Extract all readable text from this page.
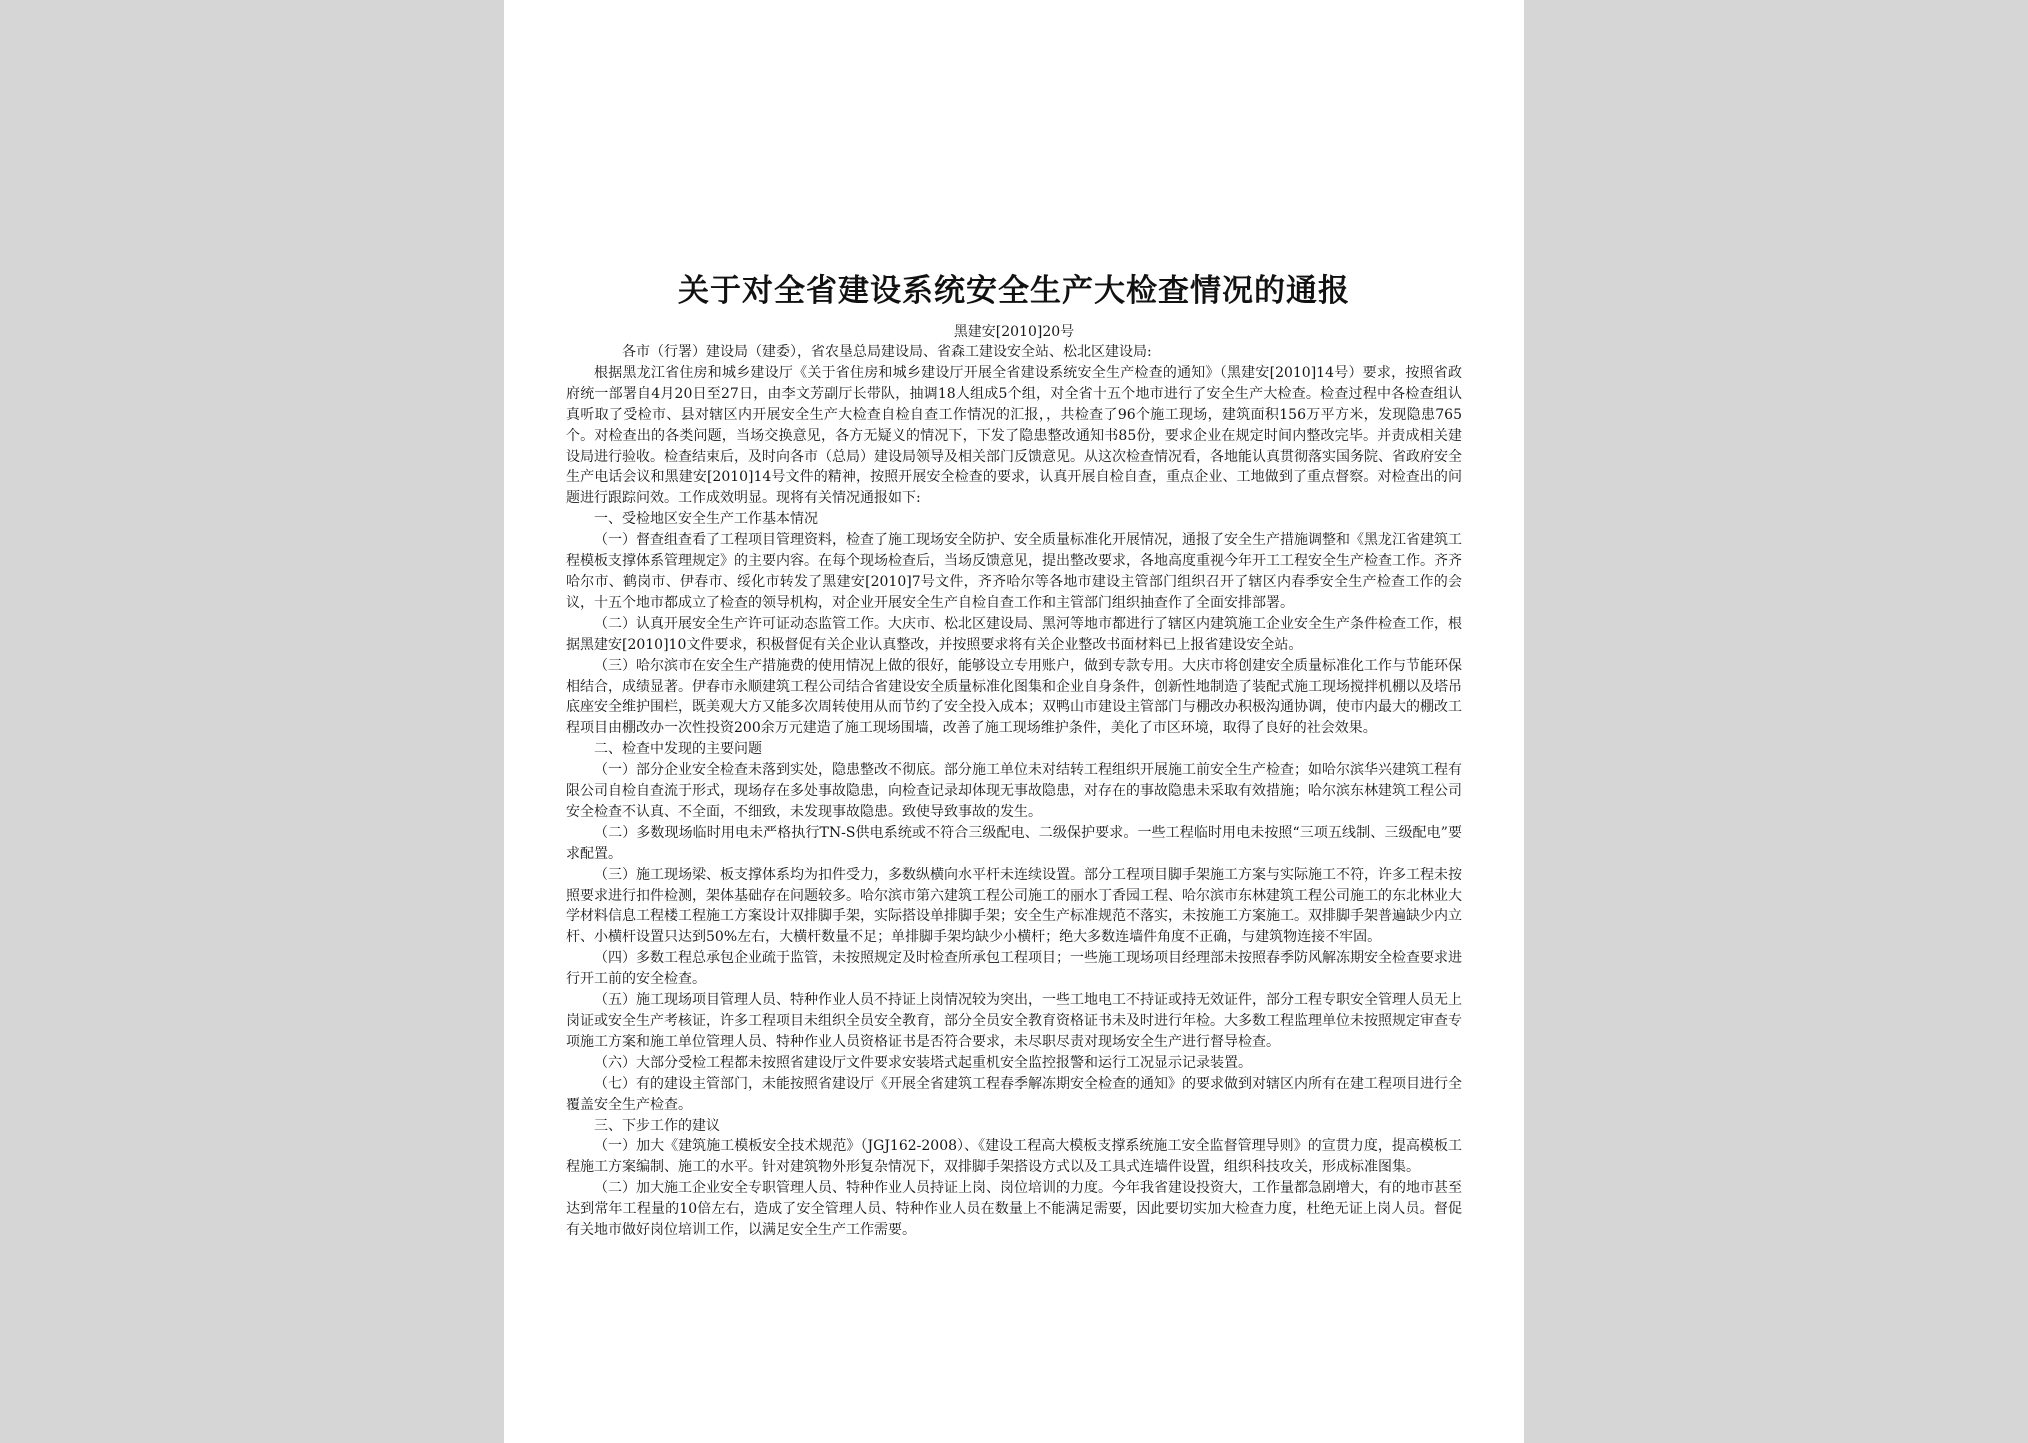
关于对全省建设系统安全生产大检查情况的通报
黑建安[2010]20号

各市（行署）建设局（建委），省农垦总局建设局、省森工建设安全站、松北区建设局:

根据黑龙江省住房和城乡建设厅《关于省住房和城乡建设厅开展全省建设系统安全生产检查的通知》（黑建安[2010]14号）要求，按照省政府统一部署自4月20日至27日，由李文芳副厅长带队，抽调18人组成5个组，对全省十五个地市进行了安全生产大检查。检查过程中各检查组认真听取了受检市、县对辖区内开展安全生产大检查自检自查工作情况的汇报，，共检查了96个施工现场，建筑面积156万平方米，发现隐患765个。对检查出的各类问题，当场交换意见，各方无疑义的情况下，下发了隐患整改通知书85份，要求企业在规定时间内整改完毕。并责成相关建设局进行验收。检查结束后，及时向各市（总局）建设局领导及相关部门反馈意见。从这次检查情况看，各地能认真贯彻落实国务院、省政府安全生产电话会议和黑建安[2010]14号文件的精神，按照开展安全检查的要求，认真开展自检自查，重点企业、工地做到了重点督察。对检查出的问题进行跟踪问效。工作成效明显。现将有关情况通报如下:

一、受检地区安全生产工作基本情况

（一）督查组查看了工程项目管理资料，检查了施工现场安全防护、安全质量标准化开展情况，通报了安全生产措施调整和《黑龙江省建筑工程模板支撑体系管理规定》的主要内容。在每个现场检查后，当场反馈意见，提出整改要求，各地高度重视今年开工工程安全生产检查工作。齐齐哈尔市、鹤岗市、伊春市、绥化市转发了黑建安[2010]7号文件，齐齐哈尔等各地市建设主管部门组织召开了辖区内春季安全生产检查工作的会议，十五个地市都成立了检查的领导机构，对企业开展安全生产自检自查工作和主管部门组织抽查作了全面安排部署。

（二）认真开展安全生产许可证动态监管工作。大庆市、松北区建设局、黑河等地市都进行了辖区内建筑施工企业安全生产条件检查工作，根据黑建安[2010]10文件要求，积极督促有关企业认真整改，并按照要求将有关企业整改书面材料已上报省建设安全站。

（三）哈尔滨市在安全生产措施费的使用情况上做的很好，能够设立专用账户，做到专款专用。大庆市将创建安全质量标准化工作与节能环保相结合，成绩显著。伊春市永顺建筑工程公司结合省建设安全质量标准化图集和企业自身条件，创新性地制造了装配式施工现场搅拌机棚以及塔吊底座安全维护围栏，既美观大方又能多次周转使用从而节约了安全投入成本；双鸭山市建设主管部门与棚改办积极沟通协调，使市内最大的棚改工程项目由棚改办一次性投资200余万元建造了施工现场围墙，改善了施工现场维护条件，美化了市区环境，取得了良好的社会效果。

二、检查中发现的主要问题

（一）部分企业安全检查未落到实处，隐患整改不彻底。部分施工单位未对结转工程组织开展施工前安全生产检查；如哈尔滨华兴建筑工程有限公司自检自查流于形式，现场存在多处事故隐患，向检查记录却体现无事故隐患，对存在的事故隐患未采取有效措施；哈尔滨东林建筑工程公司安全检查不认真、不全面，不细致，未发现事故隐患。致使导致事故的发生。

（二）多数现场临时用电未严格执行TN-S供电系统或不符合三级配电、二级保护要求。一些工程临时用电未按照“三项五线制、三级配电”要求配置。

（三）施工现场梁、板支撑体系均为扣件受力，多数纵横向水平杆未连续设置。部分工程项目脚手架施工方案与实际施工不符，许多工程未按照要求进行扣件检测，架体基础存在问题较多。哈尔滨市第六建筑工程公司施工的丽水丁香园工程、哈尔滨市东林建筑工程公司施工的东北林业大学材料信息工程楼工程施工方案设计双排脚手架，实际搭设单排脚手架；安全生产标准规范不落实，未按施工方案施工。双排脚手架普遍缺少内立杆、小横杆设置只达到50%左右，大横杆数量不足；单排脚手架均缺少小横杆；绝大多数连墙件角度不正确，与建筑物连接不牢固。

（四）多数工程总承包企业疏于监管，未按照规定及时检查所承包工程项目；一些施工现场项目经理部未按照春季防风解冻期安全检查要求进行开工前的安全检查。

（五）施工现场项目管理人员、特种作业人员不持证上岗情况较为突出，一些工地电工不持证或持无效证件，部分工程专职安全管理人员无上岗证或安全生产考核证，许多工程项目未组织全员安全教育，部分全员安全教育资格证书未及时进行年检。大多数工程监理单位未按照规定审查专项施工方案和施工单位管理人员、特种作业人员资格证书是否符合要求，未尽职尽责对现场安全生产进行督导检查。

（六）大部分受检工程都未按照省建设厅文件要求安装塔式起重机安全监控报警和运行工况显示记录装置。

（七）有的建设主管部门，未能按照省建设厅《开展全省建筑工程春季解冻期安全检查的通知》的要求做到对辖区内所有在建工程项目进行全覆盖安全生产检查。

三、下步工作的建议

（一）加大《建筑施工模板安全技术规范》（JGJ162-2008）、《建设工程高大模板支撑系统施工安全监督管理导则》的宣贯力度，提高模板工程施工方案编制、施工的水平。针对建筑物外形复杂情况下，双排脚手架搭设方式以及工具式连墙件设置，组织科技攻关，形成标准图集。

（二）加大施工企业安全专职管理人员、特种作业人员持证上岗、岗位培训的力度。今年我省建设投资大，工作量都急剧增大，有的地市甚至达到常年工程量的10倍左右，造成了安全管理人员、特种作业人员在数量上不能满足需要，因此要切实加大检查力度，杜绝无证上岗人员。督促有关地市做好岗位培训工作，以满足安全生产工作需要。
